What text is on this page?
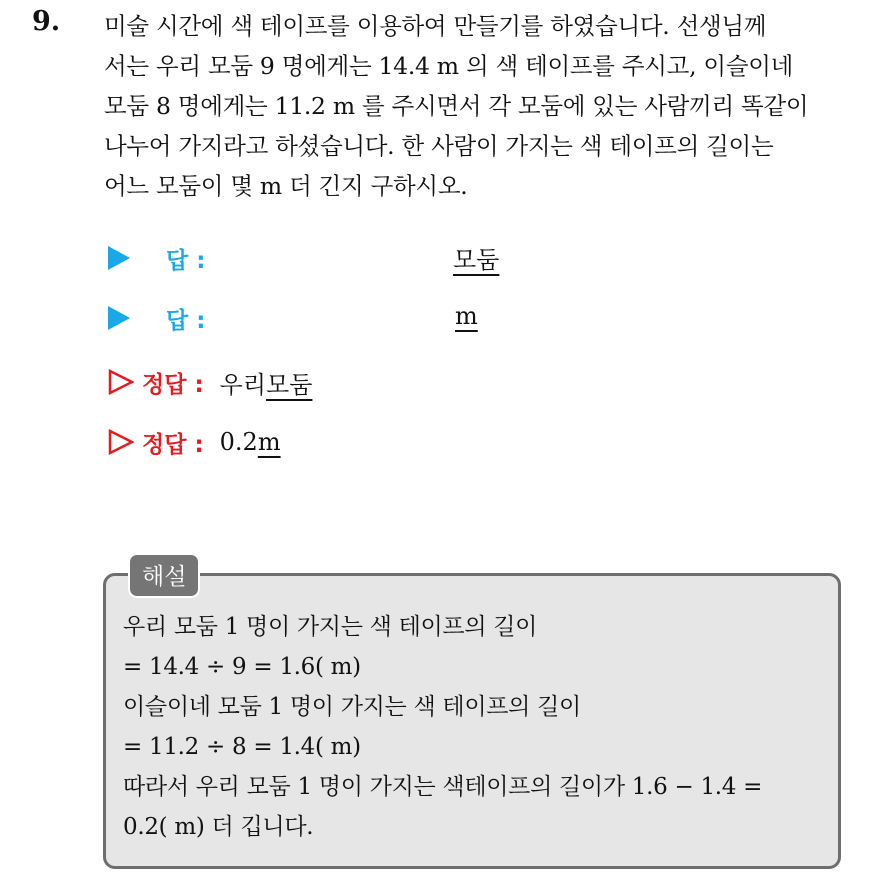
9. 미술 시간에 색 테이프를 이용하여 만들기를 하였습니다. 선생님께
서는 우리 모둠 9 명에게는 14.4 m 의 색 테이프를 주시고, 이슬이네
모둠 8 명에게는 11.2 m 를 주시면서 각 모둠에 있는 사람끼리 똑같이
나누어 가지라고 하셨습니다. 한 사람이 가지는 색 테이프의 길이는
어느 모둠이 몇 m 더 긴지 구하시오.
답 :	모둠
답 :	m
정답 : 우리모둠
정답 : 0.2m
해설
우리 모둠 1 명이 가지는 색 테이프의 길이
= 14.4 ÷ 9 = 1.6( m)
이슬이네 모둠 1 명이 가지는 색 테이프의 길이
= 11.2 ÷ 8 = 1.4( m)
따라서 우리 모둠 1 명이 가지는 색테이프의 길이가 1.6 − 1.4 =
0.2( m) 더 깁니다.
